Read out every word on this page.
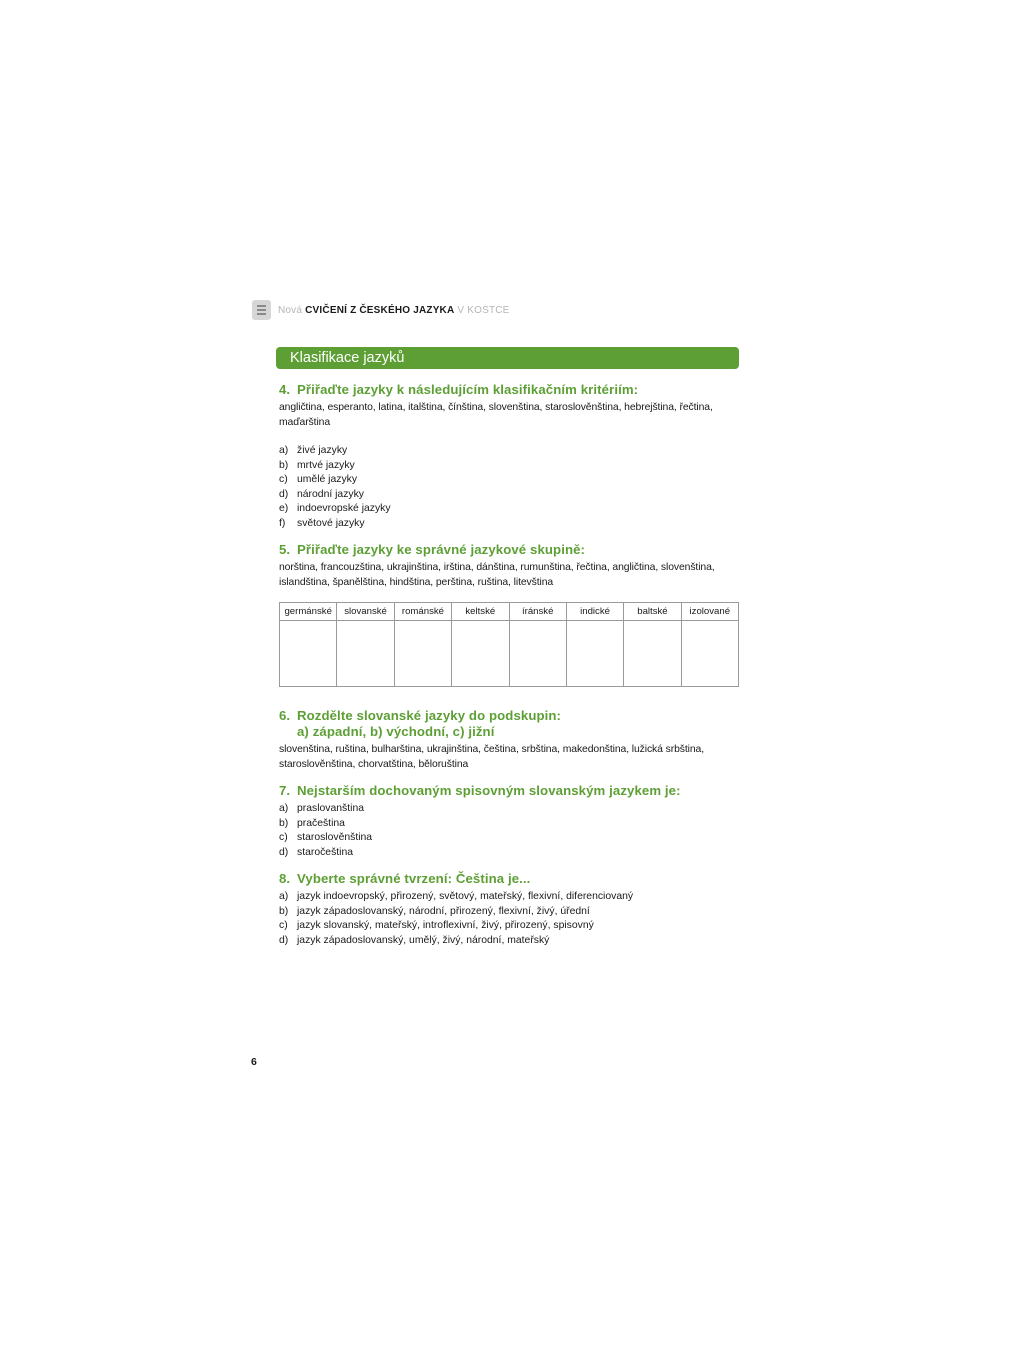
Nová CVIČENÍ Z ČESKÉHO JAZYKA V KOSTCE
Klasifikace jazyků
4. Přiřaďte jazyky k následujícím klasifikačním kritériím:

angličtina, esperanto, latina, italština, čínština, slovenština, staroslověnština, hebrejština, řečtina, maďarština

a) živé jazyky
b) mrtvé jazyky
c) umělé jazyky
d) národní jazyky
e) indoevropské jazyky
f)	světové jazyky
5. Přiřaďte jazyky ke správné jazykové skupině:

norština, francouzština, ukrajinština, irština, dánština, rumunština, řečtina, angličtina, slovenština, islandština, španělština, hindština, perština, ruština, litevština

germánské	slovanské	románské	keltské	íránské	indické	baltské	izolované

6. Rozdělte slovanské jazyky do podskupin:
a) západní, b) východní, c) jižní

slovenština, ruština, bulharština, ukrajinština, čeština, srbština, makedonština, lužická srbština, staroslověnština, chorvatština, běloruština

7. Nejstarším dochovaným spisovným slovanským jazykem je:
a) praslovanština
b) pračeština
c) staroslověnština
d) staročeština
8. Vyberte správné tvrzení: Čeština je...
a) jazyk indoevropský, přirozený, světový, mateřský, flexivní, diferenciovaný
b) jazyk západoslovanský, národní, přirozený, flexivní, živý, úřední
c) jazyk slovanský, mateřský, introflexivní, živý, přirozený, spisovný
d) jazyk západoslovanský, umělý, živý, národní, mateřský
6
